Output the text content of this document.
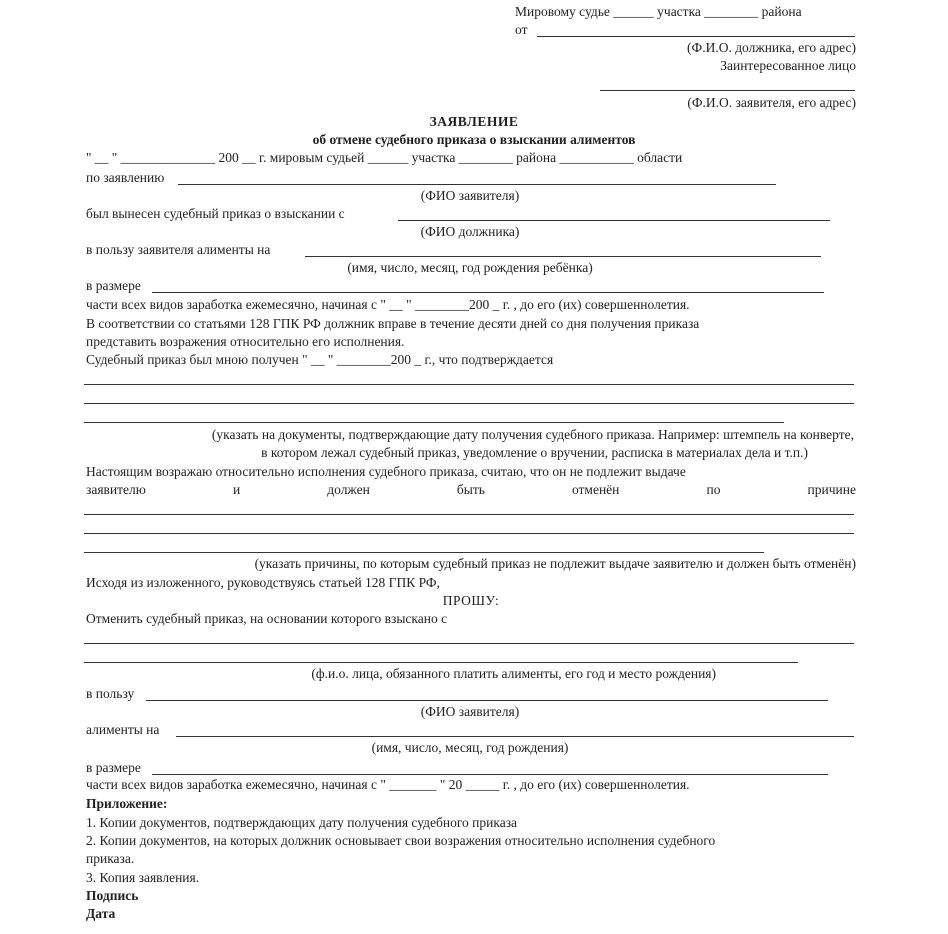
Мировому судье ______ участка ________ района
от
(Ф.И.О. должника, его адрес)
Заинтересованное лицо
(Ф.И.О. заявителя, его адрес)
ЗАЯВЛЕНИЕ
об отмене судебного приказа о взыскании алиментов
" __ " ______________ 200 __ г. мировым судьей ______ участка ________ района ___________ области
по заявлению
(ФИО заявителя)
был вынесен судебный приказ о взыскании с
(ФИО должника)
в пользу заявителя алименты на
(имя, число, месяц, год рождения ребёнка)
в размере
части всех видов заработка ежемесячно, начиная с " __ " ________200 _ г. , до его (их) совершеннолетия.
В соответствии со статьями 128 ГПК РФ должник вправе в течение десяти дней со дня получения приказа
представить возражения относительно его исполнения.
Судебный приказ был мною получен " __ " ________200 _ г., что подтверждается
(указать на документы, подтверждающие дату получения судебного приказа. Например: штемпель на конверте,
в котором лежал судебный приказ, уведомление о вручении, расписка в материалах дела и т.п.)
Настоящим возражаю относительно исполнения судебного приказа, считаю, что он не подлежит выдаче
заявителю	и	должен	быть	отменён	по	причине
(указать причины, по которым судебный приказ не подлежит выдаче заявителю и должен быть отменён)
Исходя из изложенного, руководствуясь статьей 128 ГПК РФ,
ПРОШУ:
Отменить судебный приказ, на основании которого взыскано с
(ф.и.о. лица, обязанного платить алименты, его год и место рождения)
в пользу
(ФИО заявителя)
алименты на
(имя, число, месяц, год рождения)
в размере
части всех видов заработка ежемесячно, начиная с " _______ " 20 _____ г. , до его (их) совершеннолетия.
Приложение:
1. Копии документов, подтверждающих дату получения судебного приказа
2. Копии документов, на которых должник основывает свои возражения относительно исполнения судебного
приказа.
3. Копия заявления.
Подпись
Дата
